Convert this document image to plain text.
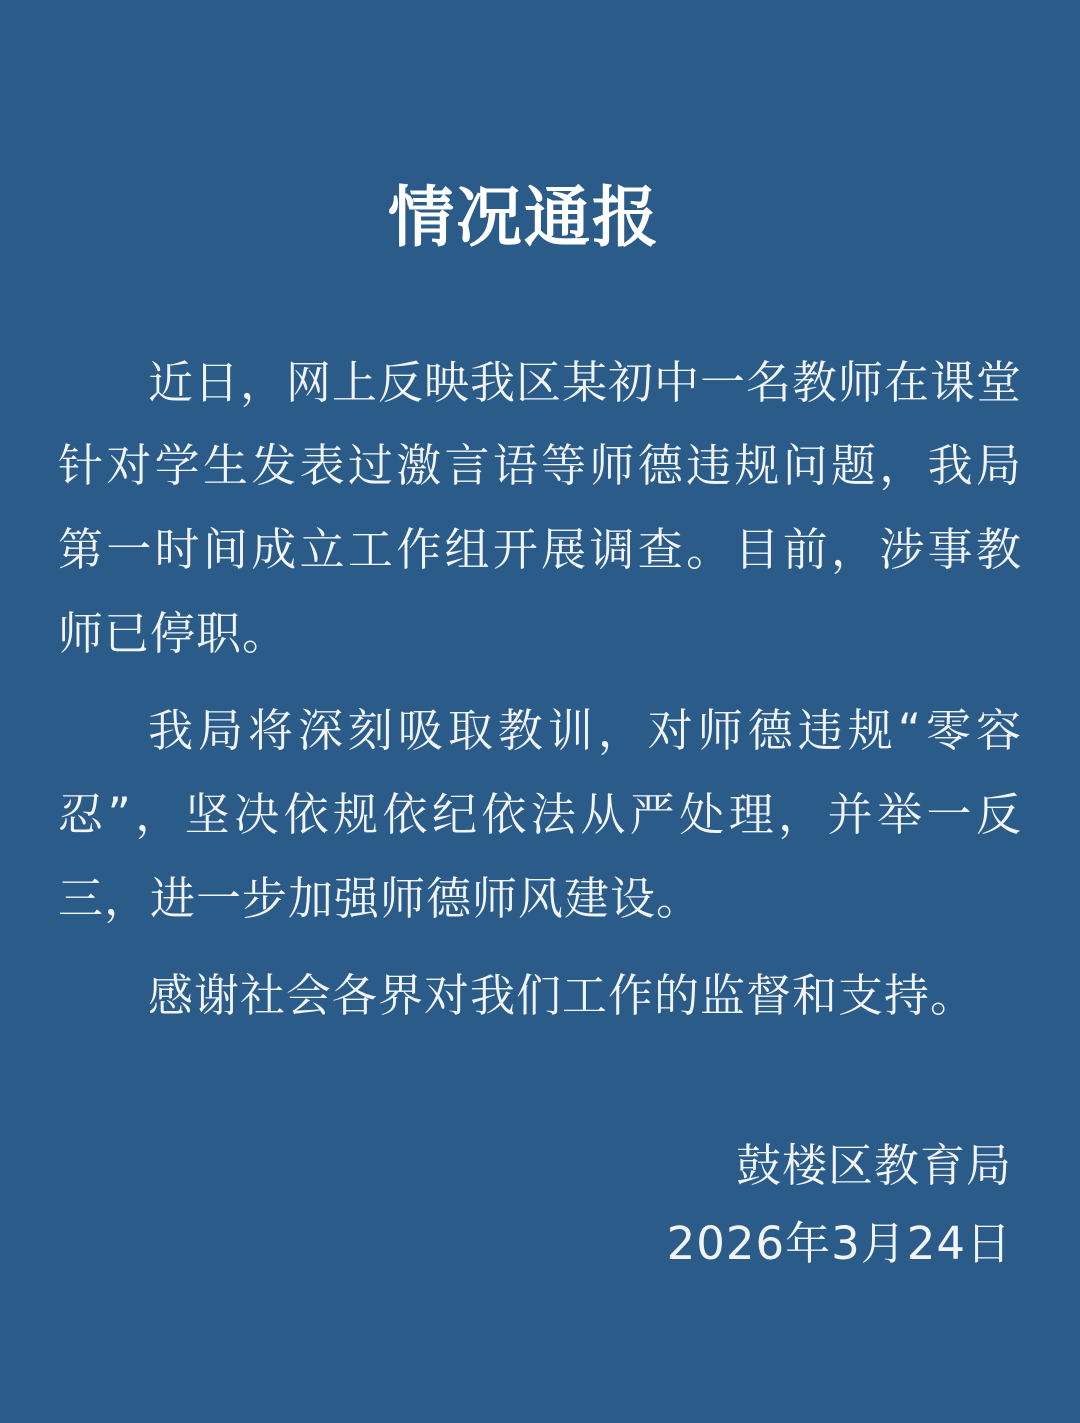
情况通报

近日，网上反映我区某初中一名教师在课堂针对学生发表过激言语等师德违规问题，我局第一时间成立工作组开展调查。目前，涉事教师已停职。

我局将深刻吸取教训，对师德违规“零容忍”，坚决依规依纪依法从严处理，并举一反三，进一步加强师德师风建设。

感谢社会各界对我们工作的监督和支持。

鼓楼区教育局
2026年3月24日
